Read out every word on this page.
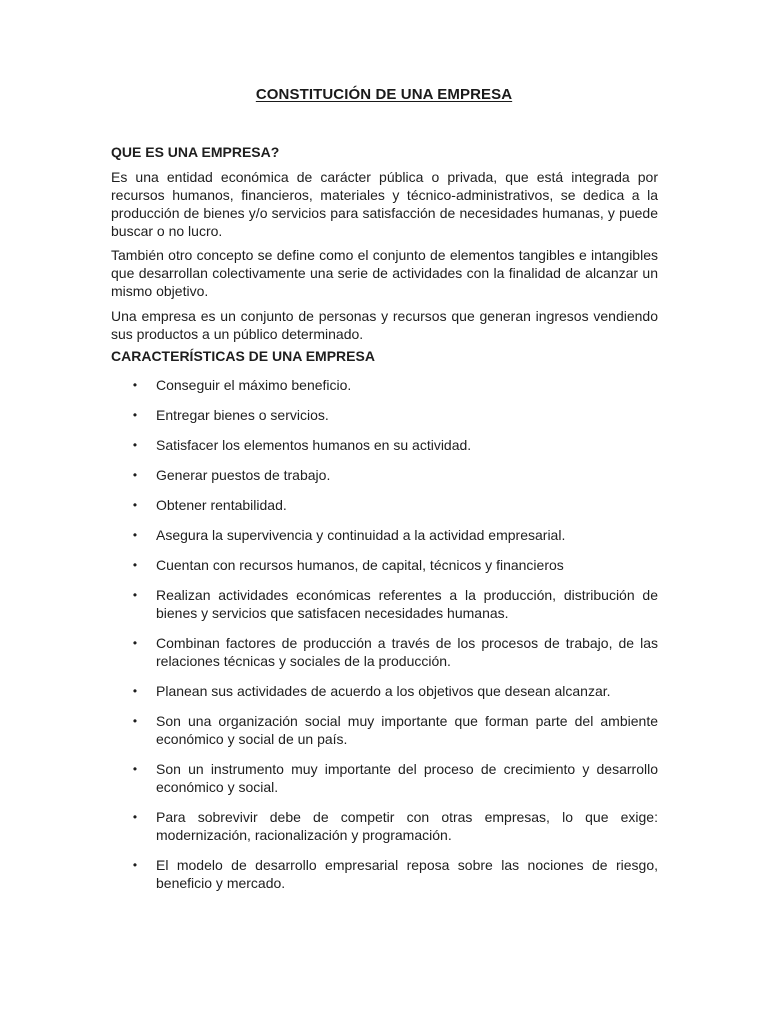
CONSTITUCIÓN DE UNA EMPRESA
QUE ES UNA EMPRESA?

Es una entidad económica de carácter pública o privada, que está integrada por recursos humanos, financieros, materiales y técnico-administrativos, se dedica a la producción de bienes y/o servicios para satisfacción de necesidades humanas, y puede buscar o no lucro.

También otro concepto se define como el conjunto de elementos tangibles e intangibles que desarrollan colectivamente una serie de actividades con la finalidad de alcanzar un mismo objetivo.

Una empresa es un conjunto de personas y recursos que generan ingresos vendiendo sus productos a un público determinado.

CARACTERÍSTICAS DE UNA EMPRESA
• Conseguir el máximo beneficio.
• Entregar bienes o servicios.
• Satisfacer los elementos humanos en su actividad.
• Generar puestos de trabajo.
• Obtener rentabilidad.
• Asegura la supervivencia y continuidad a la actividad empresarial.
• Cuentan con recursos humanos, de capital, técnicos y financieros
• Realizan actividades económicas referentes a la producción, distribución de bienes y servicios que satisfacen necesidades humanas.
• Combinan factores de producción a través de los procesos de trabajo, de las relaciones técnicas y sociales de la producción.
• Planean sus actividades de acuerdo a los objetivos que desean alcanzar.
• Son una organización social muy importante que forman parte del ambiente económico y social de un país.
• Son un instrumento muy importante del proceso de crecimiento y desarrollo económico y social.
• Para sobrevivir debe de competir con otras empresas, lo que exige: modernización, racionalización y programación.
• El modelo de desarrollo empresarial reposa sobre las nociones de riesgo, beneficio y mercado.
